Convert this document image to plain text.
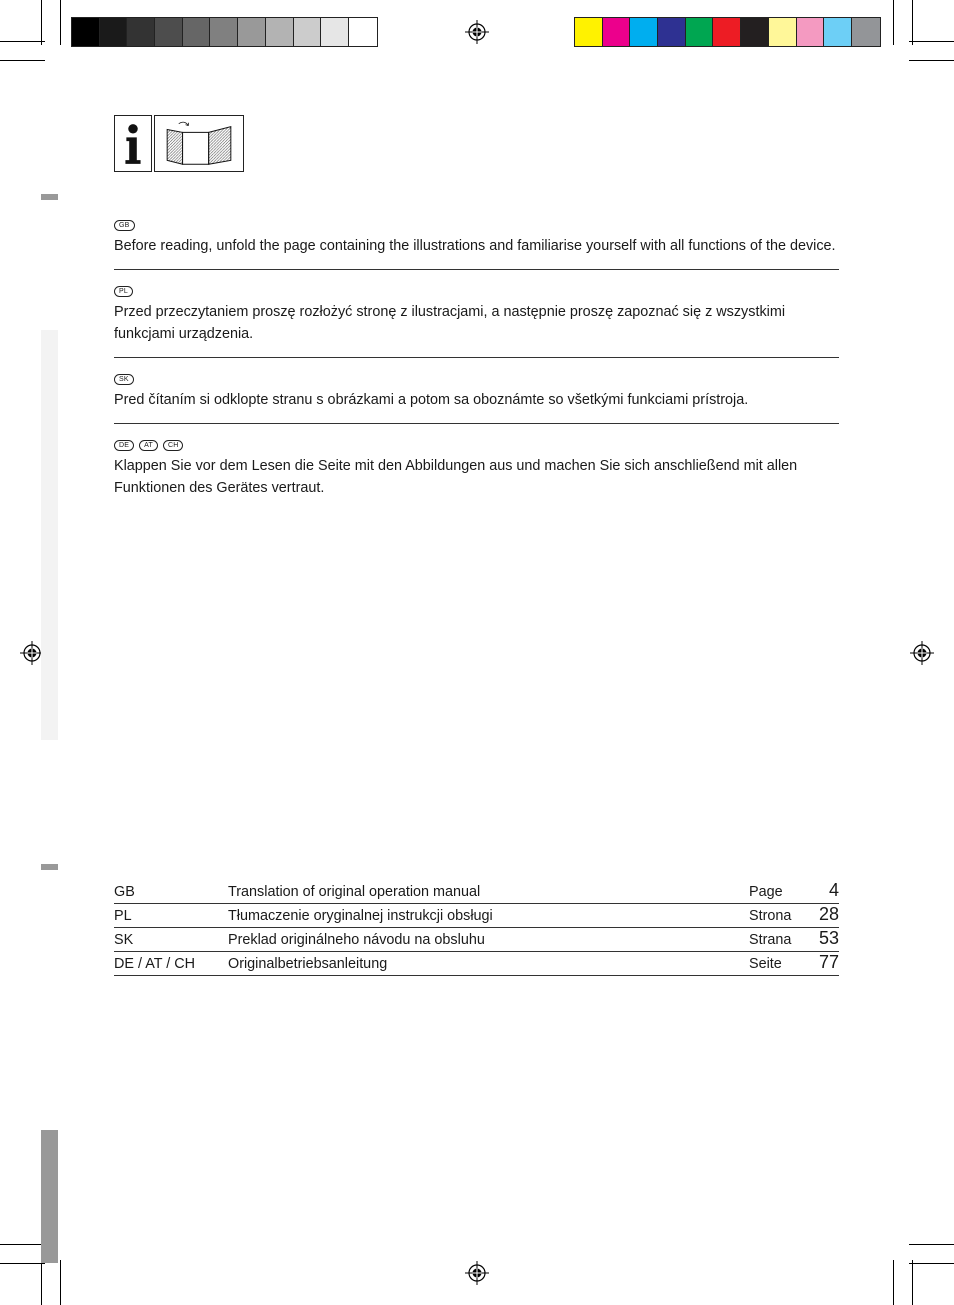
GB

Before reading, unfold the page containing the illustrations and familiarise yourself with all functions of the device.

PL

Przed przeczytaniem proszę rozłożyć stronę z ilustracjami, a następnie proszę zapoznać się z wszystkimi funkcjami urządzenia.

SK

Pred čítaním si odklopte stranu s obrázkami a potom sa oboznámte so všetkými funkciami prístroja.

DE	AT	CH

Klappen Sie vor dem Lesen die Seite mit den Abbildungen aus und machen Sie sich anschließend mit allen Funktionen des Gerätes vertraut.

GB	Translation of original operation manual	Page	4
PL	Tłumaczenie oryginalnej instrukcji obsługi	Strona	28
SK	Preklad originálneho návodu na obsluhu	Strana	53
DE / AT / CH	Originalbetriebsanleitung	Seite	77
